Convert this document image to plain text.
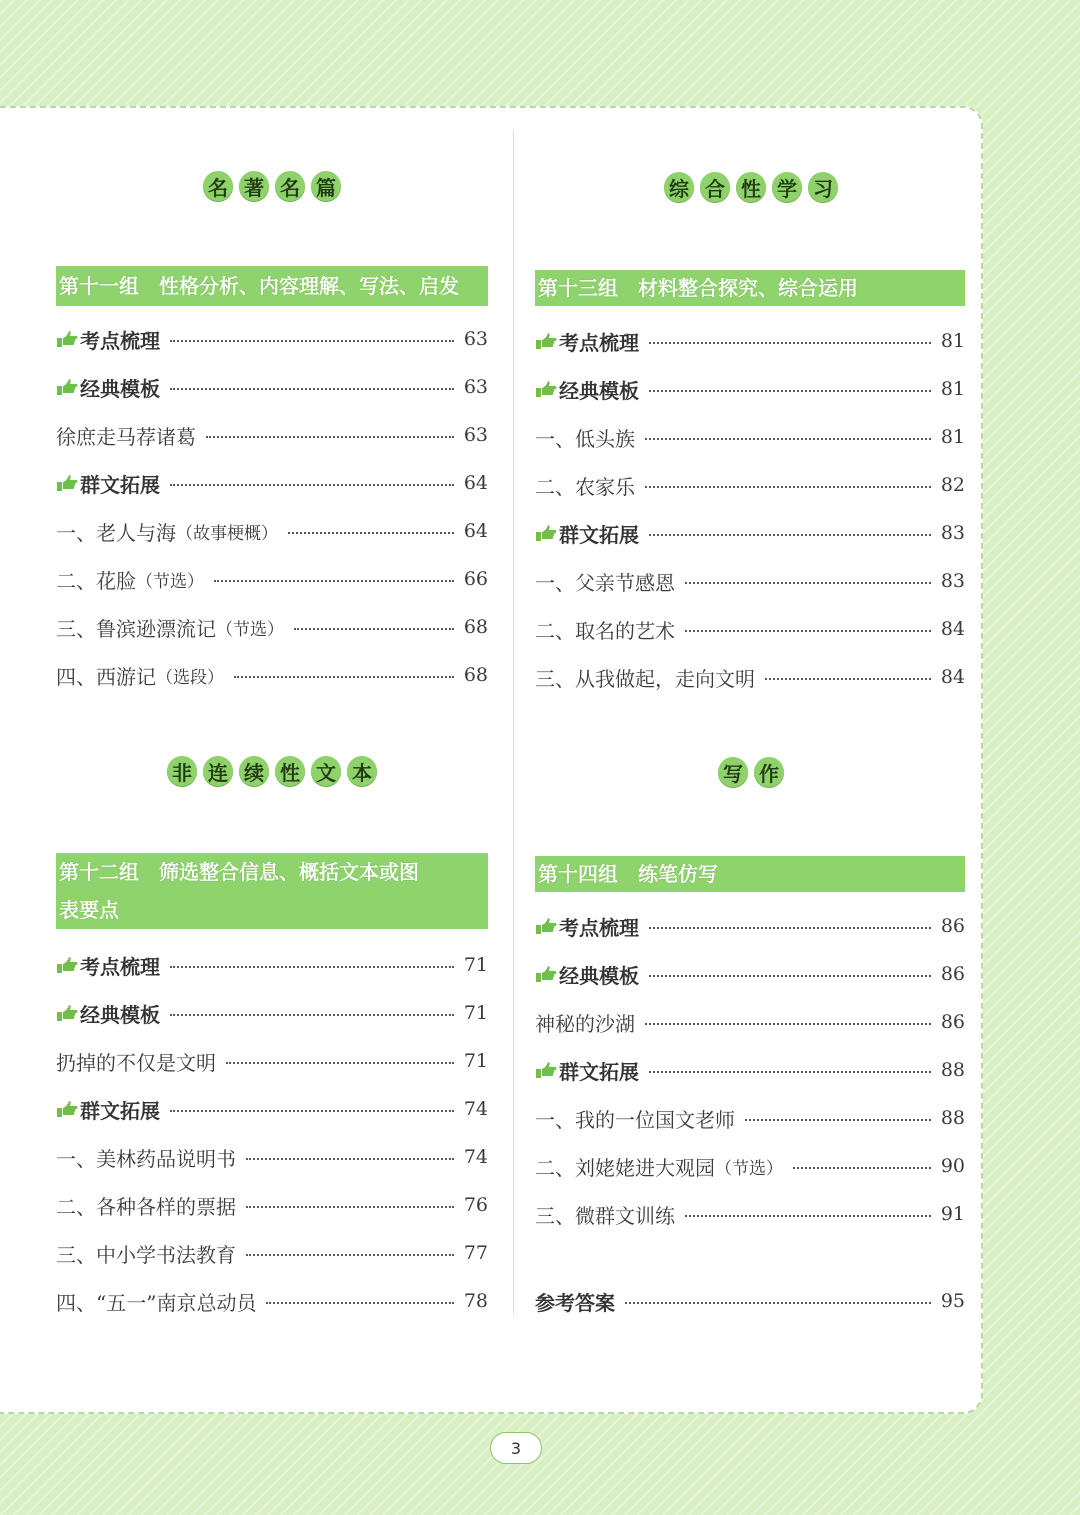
名 著 名 篇
第十一组　性格分析、内容理解、写法、启发
考点梳理	63
经典模板	63
徐庶走马荐诸葛	63
群文拓展	64
一、老人与海 （故事梗概）	64
二、花脸 （节选）	66
三、鲁滨逊漂流记 （节选）	68
四、西游记 （选段）	68
非 连 续 性 文 本
第十二组　筛选整合信息、概括文本或图
表要点
考点梳理	71
经典模板	71
扔掉的不仅是文明	71
群文拓展	74
一、美林药品说明书	74
二、各种各样的票据	76
三、中小学书法教育	77
四、“五一”南京总动员	78
综 合 性 学 习
第十三组　材料整合探究、综合运用
考点梳理	81
经典模板	81
一、低头族	81
二、农家乐	82
群文拓展	83
一、父亲节感恩	83
二、取名的艺术	84
三、从我做起，走向文明	84
写 作
第十四组　练笔仿写
考点梳理	86
经典模板	86
神秘的沙湖	86
群文拓展	88
一、我的一位国文老师	88
二、刘姥姥进大观园 （节选）	90
三、微群文训练	91
参考答案	95
3
